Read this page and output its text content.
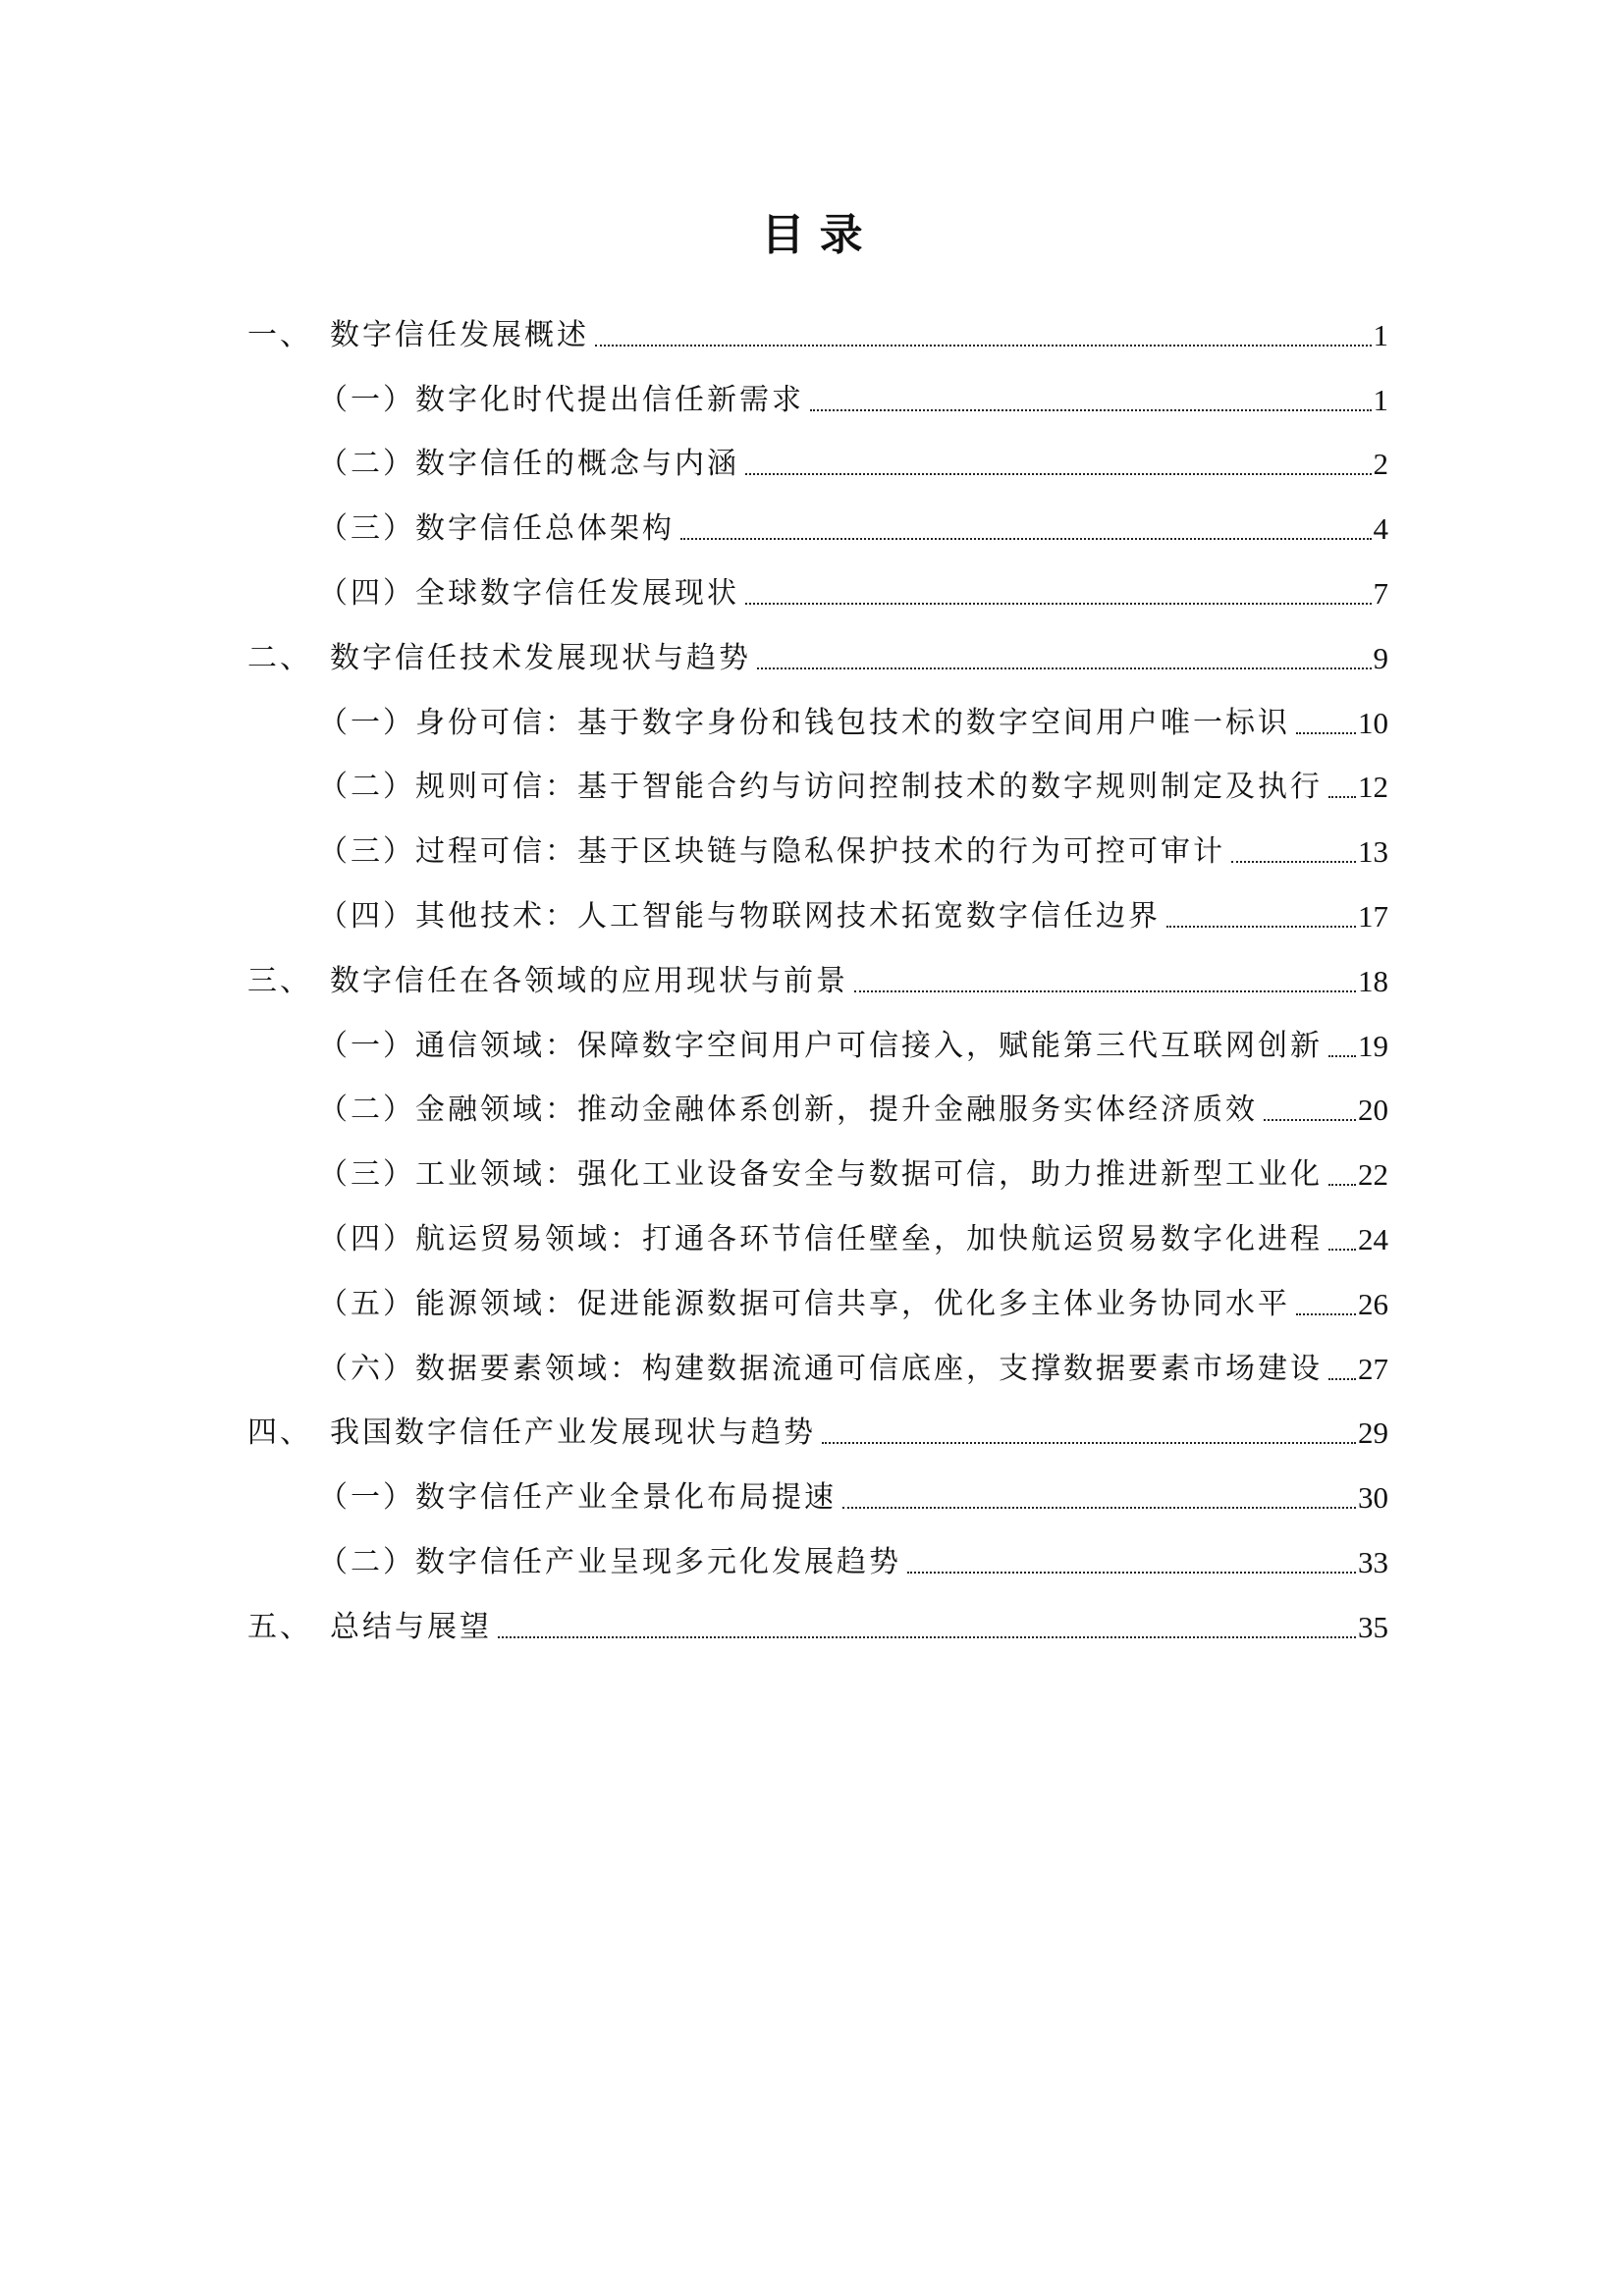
目 录
一、 数字信任发展概述	1
（一） 数字化时代提出信任新需求	1
（二） 数字信任的概念与内涵	2
（三） 数字信任总体架构	4
（四） 全球数字信任发展现状	7
二、 数字信任技术发展现状与趋势	9
（一） 身份可信：基于数字身份和钱包技术的数字空间用户唯一标识 10
（二） 规则可信：基于智能合约与访问控制技术的数字规则制定及执行 12
（三） 过程可信：基于区块链与隐私保护技术的行为可控可审计	13
（四） 其他技术：人工智能与物联网技术拓宽数字信任边界	17
三、 数字信任在各领域的应用现状与前景	18
（一） 通信领域：保障数字空间用户可信接入，赋能第三代互联网创新 19
（二） 金融领域：推动金融体系创新，提升金融服务实体经济质效	20
（三） 工业领域：强化工业设备安全与数据可信，助力推进新型工业化 22
（四） 航运贸易领域：打通各环节信任壁垒，加快航运贸易数字化进程 24
（五） 能源领域：促进能源数据可信共享，优化多主体业务协同水平 26
（六） 数据要素领域：构建数据流通可信底座，支撑数据要素市场建设 27
四、 我国数字信任产业发展现状与趋势	29
（一） 数字信任产业全景化布局提速	30
（二） 数字信任产业呈现多元化发展趋势	33
五、 总结与展望	35
